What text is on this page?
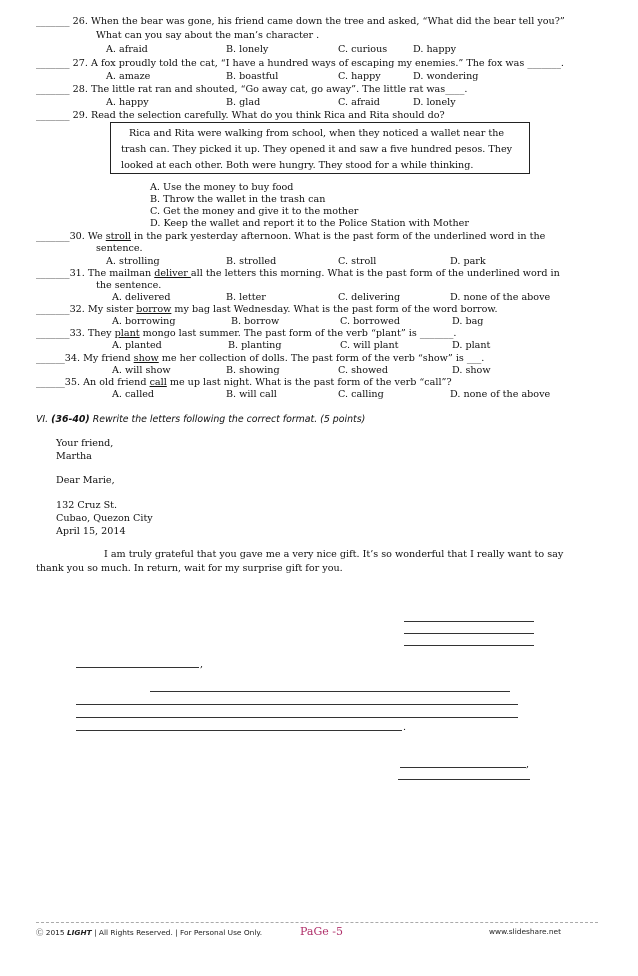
_______ 26. When the bear was gone, his friend came down the tree and asked, “What did the bear tell you?”
What can you say about the man’s character .
A. afraid	B. lonely	C. curious	D. happy
_______ 27. A fox proudly told the cat, “I have a hundred ways of escaping my enemies.” The fox was _______.
A. amaze	B. boastful	C. happy	D. wondering
_______ 28. The little rat ran and shouted, “Go away cat, go away”. The little rat was____.
A. happy	B. glad	C. afraid	D. lonely
_______ 29. Read the selection carefully. What do you think Rica and Rita should do?

Rica and Rita were walking from school, when they noticed a wallet near the trash can. They picked it up. They opened it and saw a five hundred pesos. They looked at each other. Both were hungry. They stood for a while thinking.

A. Use the money to buy food
B. Throw the wallet in the trash can
C. Get the money and give it to the mother
D. Keep the wallet and report it to the Police Station with Mother
_______30. We stroll in the park yesterday afternoon. What is the past form of the underlined word in the
sentence.
A. strolling	B. strolled	C. stroll	D. park
_______31. The mailman deliver all the letters this morning. What is the past form of the underlined word in
the sentence.
A. delivered	B. letter	C. delivering	D. none of the above
_______32. My sister borrow my bag last Wednesday. What is the past form of the word borrow.
A. borrowing	B. borrow	C. borrowed	D. bag
_______33. They plant mongo last summer. The past form of the verb “plant” is _______.
A. planted	B. planting	C. will plant	D. plant
______34. My friend show me her collection of dolls. The past form of the verb “show” is ___.
A. will show	B. showing	C. showed	D. show
______35. An old friend call me up last night. What is the past form of the verb “call”?
A. called	B. will call	C. calling	D. none of the above
VI. (36-40) Rewrite the letters following the correct format. (5 points)
Your friend,
Martha
Dear Marie,
132 Cruz St.
Cubao, Quezon City
April 15, 2014
I am truly grateful that you gave me a very nice gift. It’s so wonderful that I really want to say
thank you so much. In return, wait for my surprise gift for you.
,
.
,
Ⓒ 2015 LIGHT | All Rights Reserved. | For Personal Use Only.	PaGe -5	www.slideshare.net
